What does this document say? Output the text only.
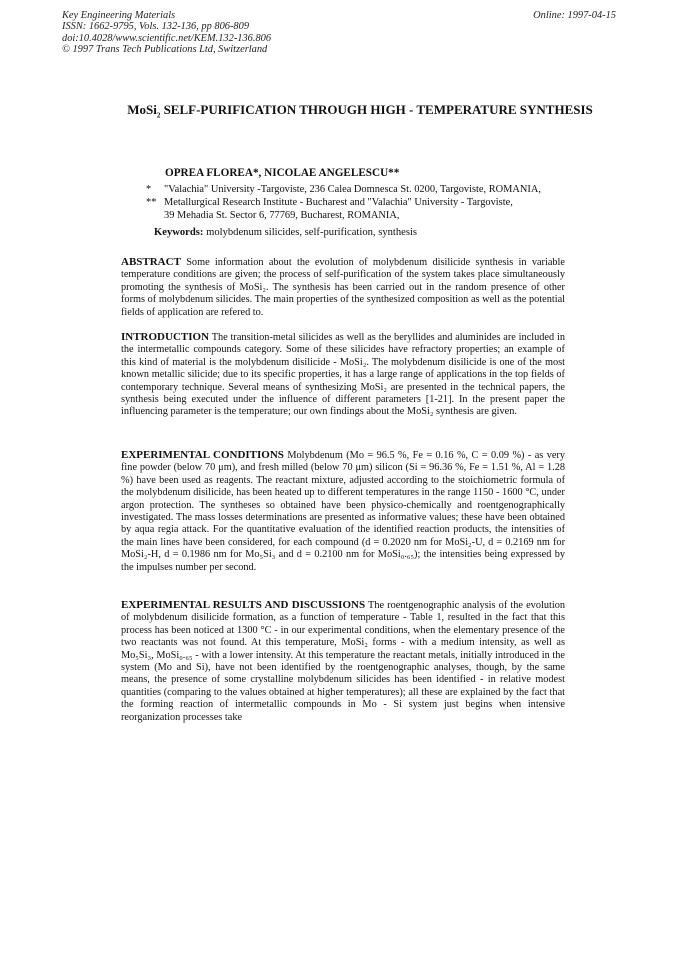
Key Engineering Materials
ISSN: 1662-9795, Vols. 132-136, pp 806-809
doi:10.4028/www.scientific.net/KEM.132-136.806
© 1997 Trans Tech Publications Ltd, Switzerland
Online: 1997-04-15
MoSi$_2$ SELF-PURIFICATION THROUGH HIGH - TEMPERATURE SYNTHESIS
OPREA FLOREA*, NICOLAE ANGELESCU**
* "Valachia" University -Targoviste, 236 Calea Domnesca St. 0200, Targoviste, ROMANIA,
** Metallurgical Research Institute - Bucharest and "Valachia" University - Targoviste,
39 Mehadia St. Sector 6, 77769, Bucharest, ROMANIA,
Keywords: molybdenum silicides, self-purification, synthesis
ABSTRACT Some information about the evolution of molybdenum disilicide synthesis in variable temperature conditions are given; the process of self-purification of the system takes place simultaneously promoting the synthesis of MoSi₂. The synthesis has been carried out in the random presence of other forms of molybdenum silicides. The main properties of the synthesized composition as well as the potential fields of application are refered to.
INTRODUCTION The transition-metal silicides as well as the beryllides and aluminides are included in the intermetallic compounds category. Some of these silicides have refractory properties; an example of this kind of material is the molybdenum disilicide - MoSi₂. The molybdenum disilicide is one of the most known metallic silicide; due to its specific properties, it has a large range of applications in the top fields of contemporary technique. Several means of synthesizing MoSi₂ are presented in the technical papers, the synthesis being executed under the influence of different parameters [1-21]. In the present paper the influencing parameter is the temperature; our own findings about the MoSi₂ synthesis are given.
EXPERIMENTAL CONDITIONS Molybdenum (Mo = 96.5 %, Fe = 0.16 %, C = 0.09 %) - as very fine powder (below 70 μm), and fresh milled (below 70 μm) silicon (Si = 96.36 %, Fe = 1.51 %, Al = 1.28 %) have been used as reagents. The reactant mixture, adjusted according to the stoichiometric formula of the molybdenum disilicide, has been heated up to different temperatures in the range 1150 - 1600 °C, under argon protection. The syntheses so obtained have been physico-chemically and roentgenographically investigated. The mass losses determinations are presented as informative values; these have been obtained by aqua regia attack. For the quantitative evaluation of the identified reaction products, the intensities of the main lines have been considered, for each compound (d = 0.2020 nm for MoSi₂-U, d = 0.2169 nm for MoSi₂-H, d = 0.1986 nm for Mo₅Si₃ and d = 0.2100 nm for MoSi₀.₆₅); the intensities being expressed by the impulses number per second.
EXPERIMENTAL RESULTS AND DISCUSSIONS The roentgenographic analysis of the evolution of molybdenum disilicide formation, as a function of temperature - Table 1, resulted in the fact that this process has been noticed at 1300 °C - in our experimental conditions, when the elementary presence of the two reactants was not found. At this temperature, MoSi₂ forms - with a medium intensity, as well as Mo₅Si₃, MoSi₀.₆₅ - with a lower intensity. At this temperature the reactant metals, initially introduced in the system (Mo and Si), have not been identified by the roentgenographic analyses, though, by the same means, the presence of some crystalline molybdenum silicides has been identified - in relative modest quantities (comparing to the values obtained at higher temperatures); all these are explained by the fact that the forming reaction of intermetallic compounds in Mo - Si system just begins when intensive reorganization processes take
